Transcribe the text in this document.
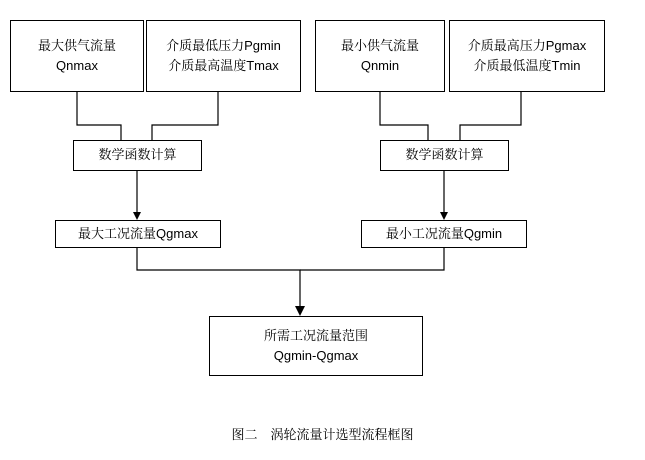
最大供气流量
Qnmax
介质最低压力Pgmin
介质最高温度Tmax
最小供气流量
Qnmin
介质最高压力Pgmax
介质最低温度Tmin
数学函数计算	数学函数计算
最大工况流量Qgmax	最小工况流量Qgmin
所需工况流量范围
Qgmin-Qgmax
图二　涡轮流量计选型流程框图
